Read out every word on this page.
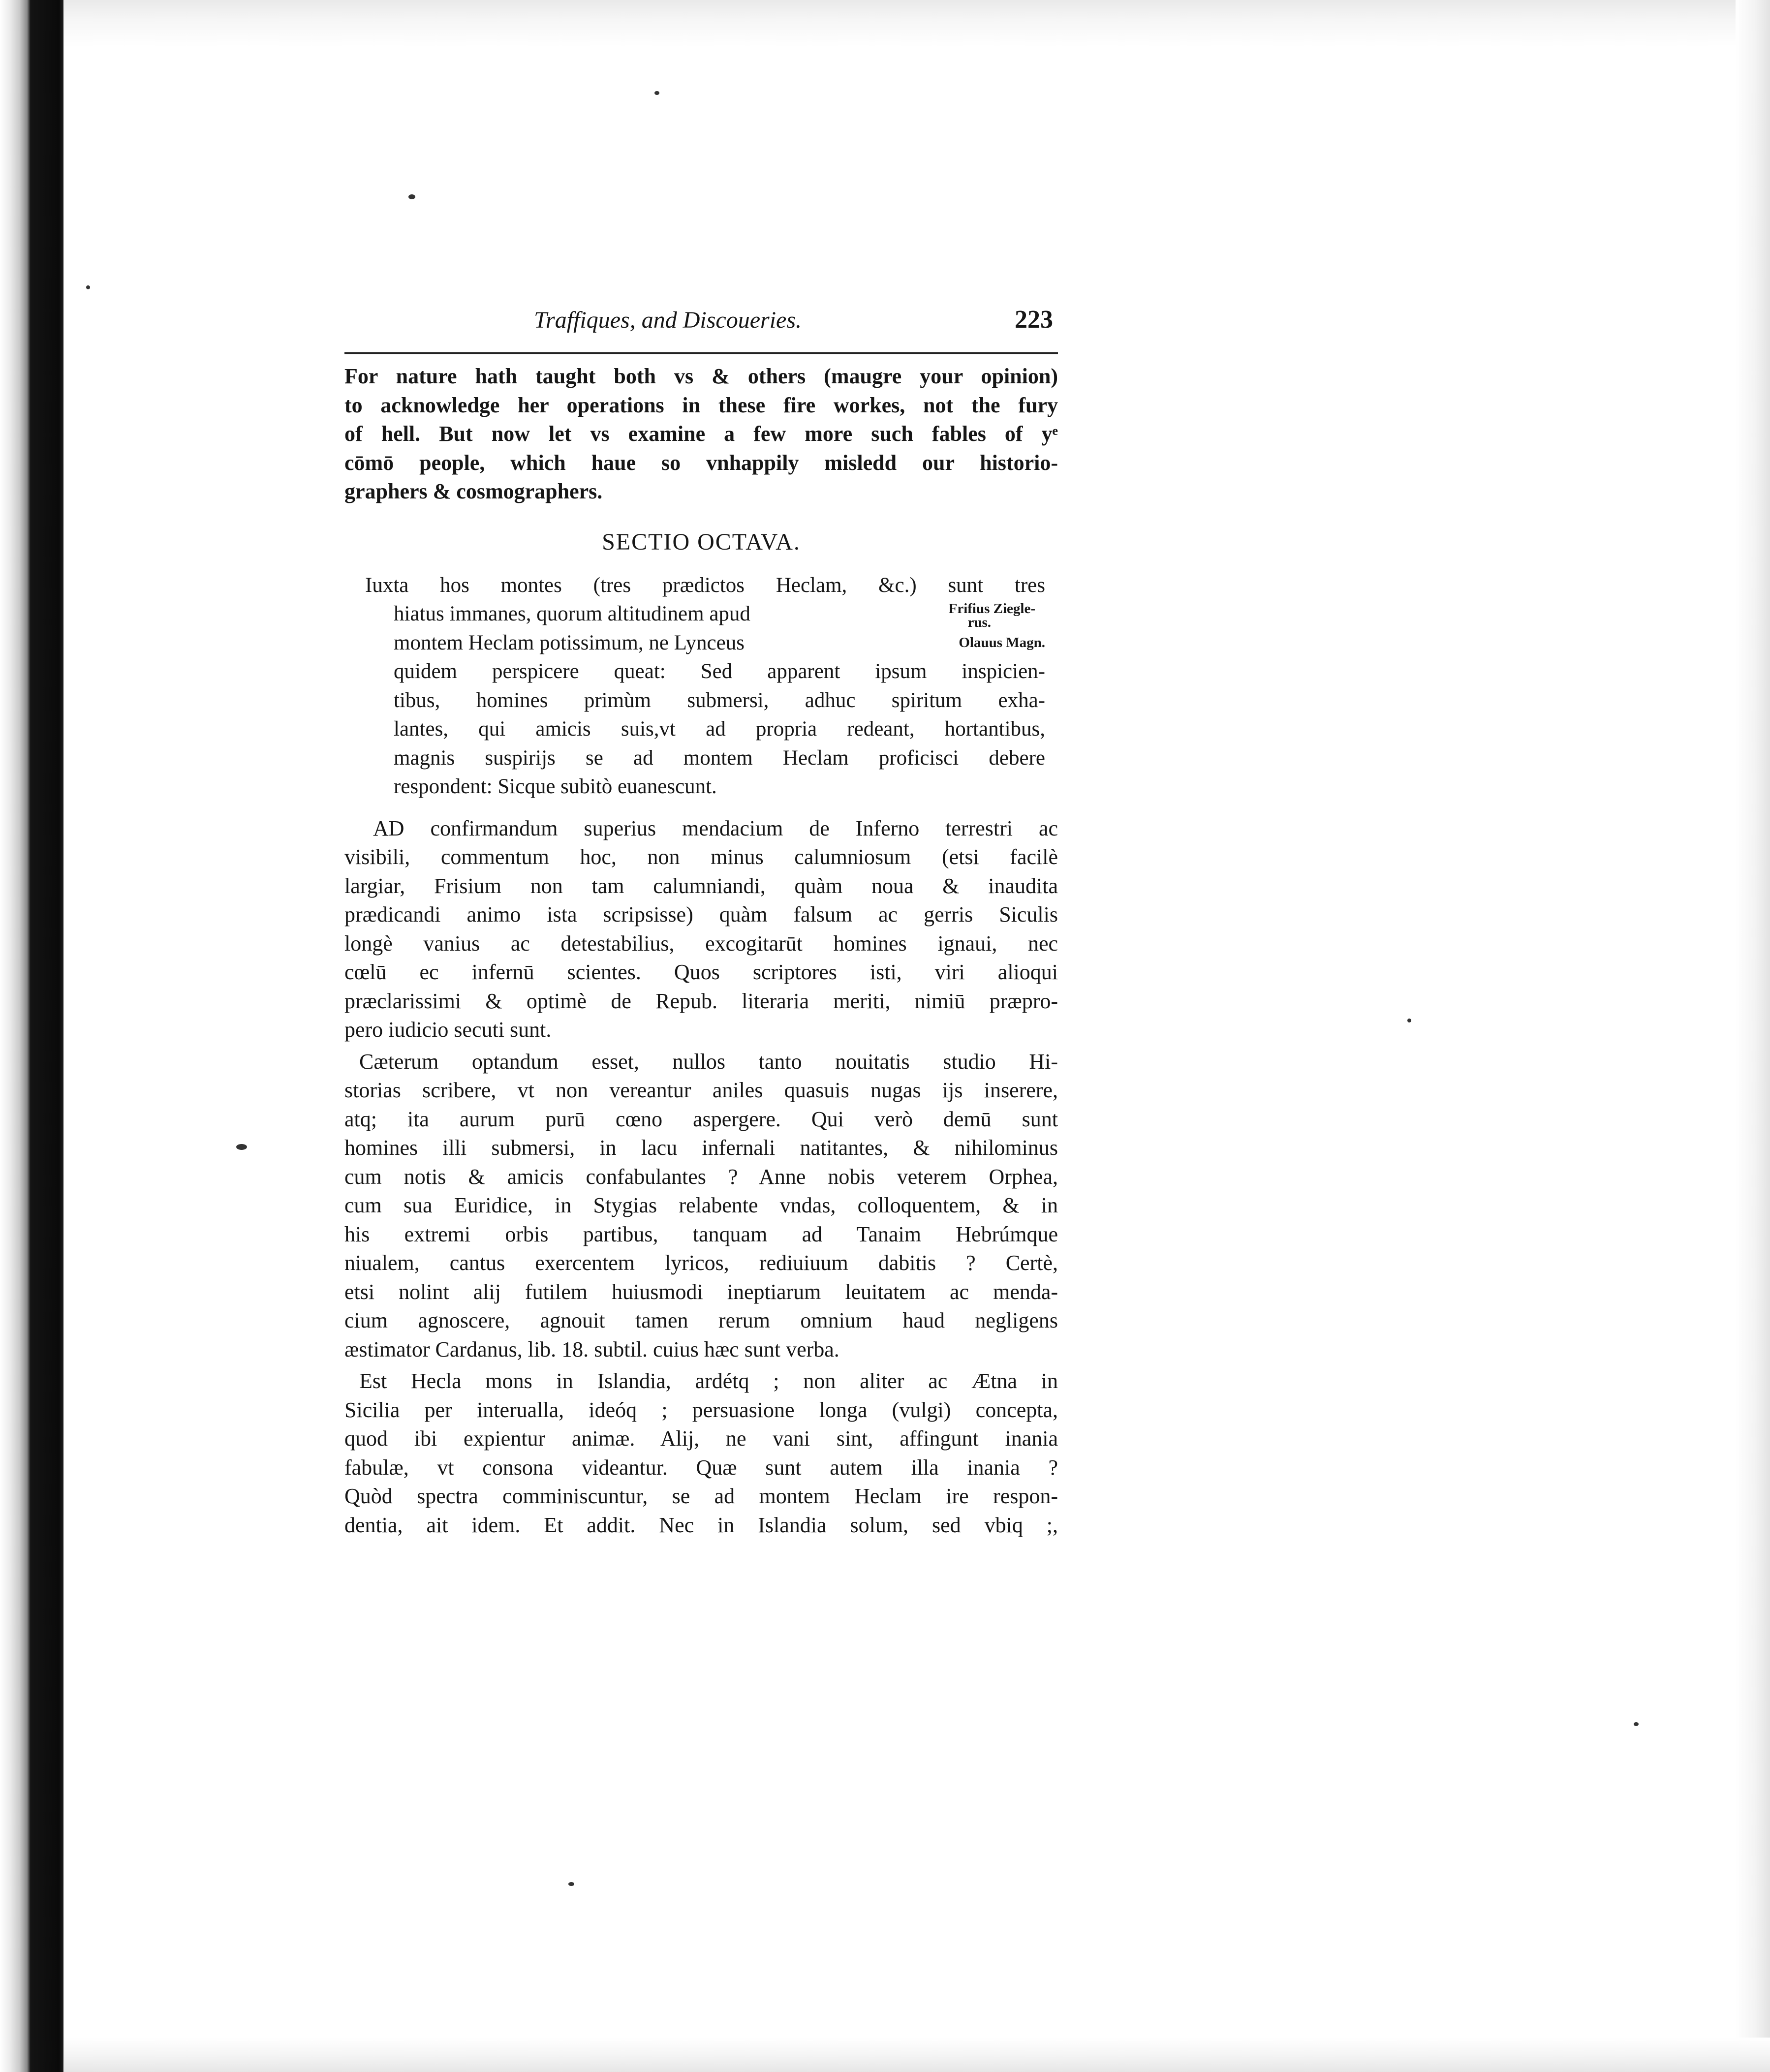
Traffiques, and Discoueries.	223
For nature hath taught both vs & others (maugre your opinion)
to acknowledge her operations in these fire workes, not the fury
of hell. But now let vs examine a few more such fables of yᵉ
cōmō people, which haue so vnhappily misledd our historio-
graphers & cosmographers.
SECTIO OCTAVA.
Iuxta hos montes (tres prædictos Heclam, &c.) sunt tres
hiatus immanes, quorum altitudinem apud	Frifius Ziegle-
rus.
montem Heclam potissimum, ne Lynceus	Olauus Magn.
quidem perspicere queat: Sed apparent ipsum inspicien-
tibus, homines primùm submersi, adhuc spiritum exha-
lantes, qui amicis suis,vt ad propria redeant, hortantibus,
magnis suspirijs se ad montem Heclam proficisci debere
respondent: Sicque subitò euanescunt.
AD confirmandum superius mendacium de Inferno terrestri ac
visibili, commentum hoc, non minus calumniosum (etsi facilè
largiar, Frisium non tam calumniandi, quàm noua & inaudita
prædicandi animo ista scripsisse) quàm falsum ac gerris Siculis
longè vanius ac detestabilius, excogitarūt homines ignaui, nec
cœlū ec infernū scientes. Quos scriptores isti, viri alioqui
præclarissimi & optimè de Repub. literaria meriti, nimiū præpro-
pero iudicio secuti sunt.
Cæterum optandum esset, nullos tanto nouitatis studio Hi-
storias scribere, vt non vereantur aniles quasuis nugas ijs inserere,
atq; ita aurum purū cœno aspergere. Qui verò demū sunt
homines illi submersi, in lacu infernali natitantes, & nihilominus
cum notis & amicis confabulantes ? Anne nobis veterem Orphea,
cum sua Euridice, in Stygias relabente vndas, colloquentem, & in
his extremi orbis partibus, tanquam ad Tanaim Hebrúmque
niualem, cantus exercentem lyricos, rediuiuum dabitis ? Certè,
etsi nolint alij futilem huiusmodi ineptiarum leuitatem ac menda-
cium agnoscere, agnouit tamen rerum omnium haud negligens
æstimator Cardanus, lib. 18. subtil. cuius hæc sunt verba.
Est Hecla mons in Islandia, ardétq ; non aliter ac Ætna in
Sicilia per interualla, ideóq ; persuasione longa (vulgi) concepta,
quod ibi expientur animæ. Alij, ne vani sint, affingunt inania
fabulæ, vt consona videantur. Quæ sunt autem illa inania ?
Quòd spectra comminiscuntur, se ad montem Heclam ire respon-
dentia, ait idem. Et addit. Nec in Islandia solum, sed vbiq ;,
